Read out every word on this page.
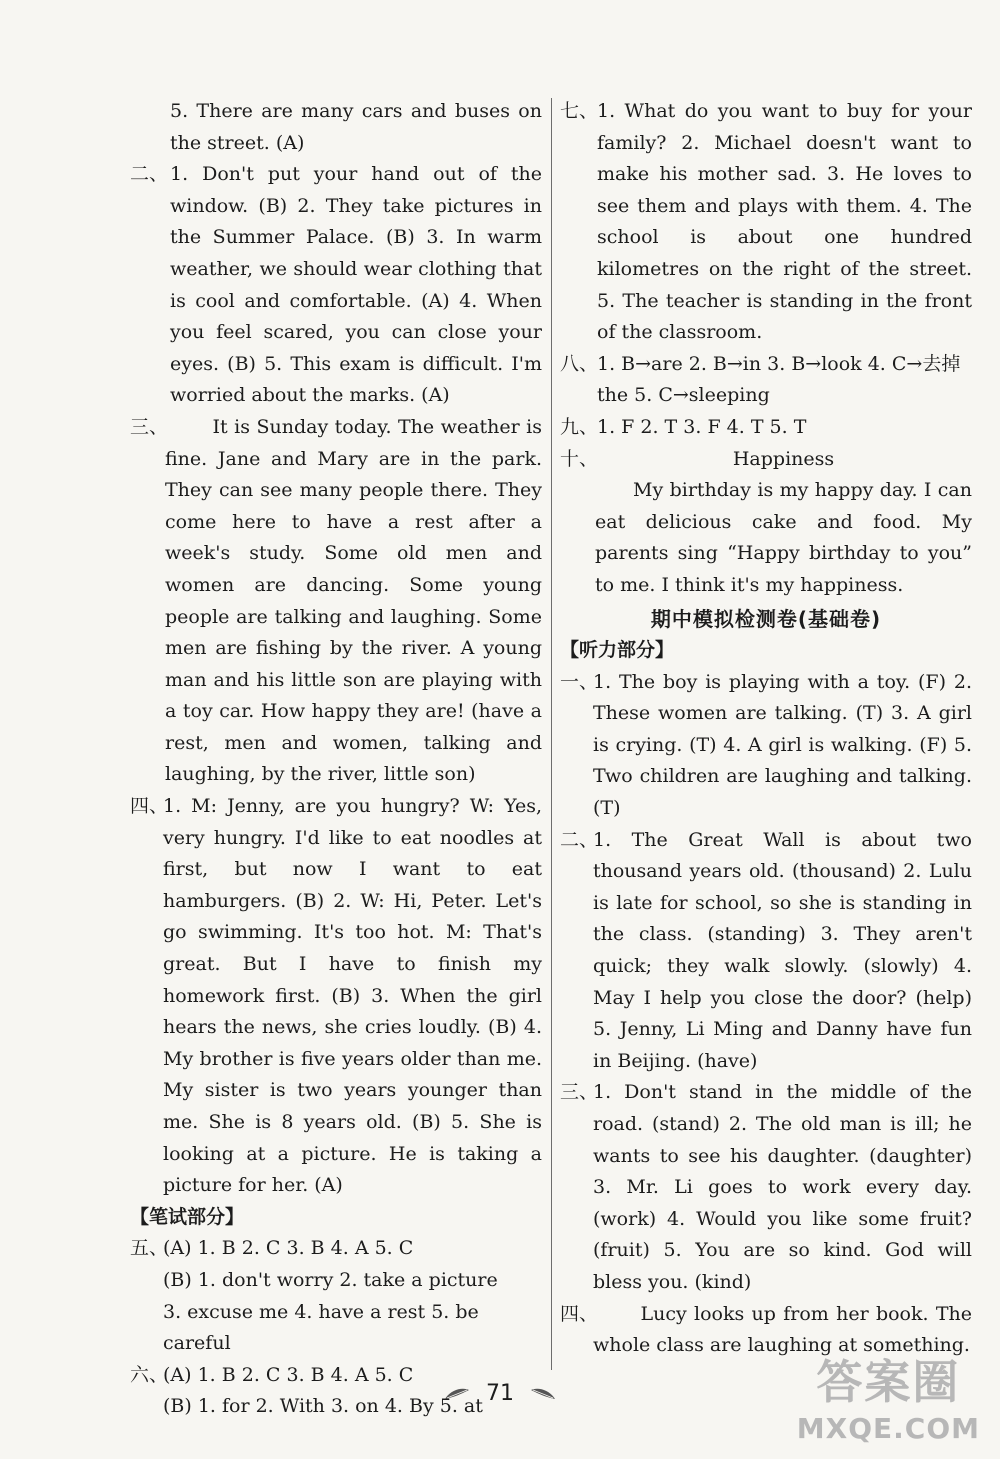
5. There are many cars and buses on the street. (A)
二、 1. Don't put your hand out of the window. (B) 2. They take pictures in the Summer Palace. (B) 3. In warm weather, we should wear clothing that is cool and comfortable. (A) 4. When you feel scared, you can close your eyes. (B) 5. This exam is difficult. I'm worried about the marks. (A)
三、	It is Sunday today. The weather is fine. Jane and Mary are in the park. They can see many people there. They come here to have a rest after a week's study. Some old men and women are dancing. Some young people are talking and laughing. Some men are fishing by the river. A young man and his little son are playing with a toy car. How happy they are! (have a rest, men and women, talking and laughing, by the river, little son)
四、
1. M: Jenny, are you hungry? W: Yes, very hungry. I'd like to eat noodles at first, but now I want to eat hamburgers. (B) 2. W: Hi, Peter. Let's go swimming. It's too hot. M: That's great. But I have to finish my homework first. (B) 3. When the girl hears the news, she cries loudly. (B) 4. My brother is five years older than me. My sister is two years younger than me. She is 8 years old. (B) 5. She is looking at a picture. He is taking a picture for her. (A)
【笔试部分】
五、
(A) 1. B 2. C 3. B 4. A 5. C
(B) 1. don't worry 2. take a picture
3. excuse me 4. have a rest 5. be careful
六、
(A) 1. B 2. C 3. B 4. A 5. C
(B) 1. for 2. With 3. on 4. By 5. at
七、
1. What do you want to buy for your family? 2. Michael doesn't want to make his mother sad. 3. He loves to see them and plays with them. 4. The school is about one hundred kilometres on the right of the street. 5. The teacher is standing in the front of the classroom.
八、
1. B→are 2. B→in 3. B→look 4. C→去掉 the 5. C→sleeping
九、
1. F 2. T 3. F 4. T 5. T
十、	Happiness
My birthday is my happy day. I can eat delicious cake and food. My parents sing “Happy birthday to you” to me. I think it's my happiness.
期中模拟检测卷(基础卷)
【听力部分】
一、
1. The boy is playing with a toy. (F) 2. These women are talking. (T) 3. A girl is crying. (T) 4. A girl is walking. (F) 5. Two children are laughing and talking. (T)
二、
1. The Great Wall is about two thousand years old. (thousand) 2. Lulu is late for school, so she is standing in the class. (standing) 3. They aren't quick; they walk slowly. (slowly) 4. May I help you close the door? (help) 5. Jenny, Li Ming and Danny have fun in Beijing. (have)
三、
1. Don't stand in the middle of the road. (stand) 2. The old man is ill; he wants to see his daughter. (daughter) 3. Mr. Li goes to work every day. (work) 4. Would you like some fruit? (fruit) 5. You are so kind. God will bless you. (kind)
四、	Lucy looks up from her book. The whole class are laughing at something.
71	答案圈
MXQE.COM
